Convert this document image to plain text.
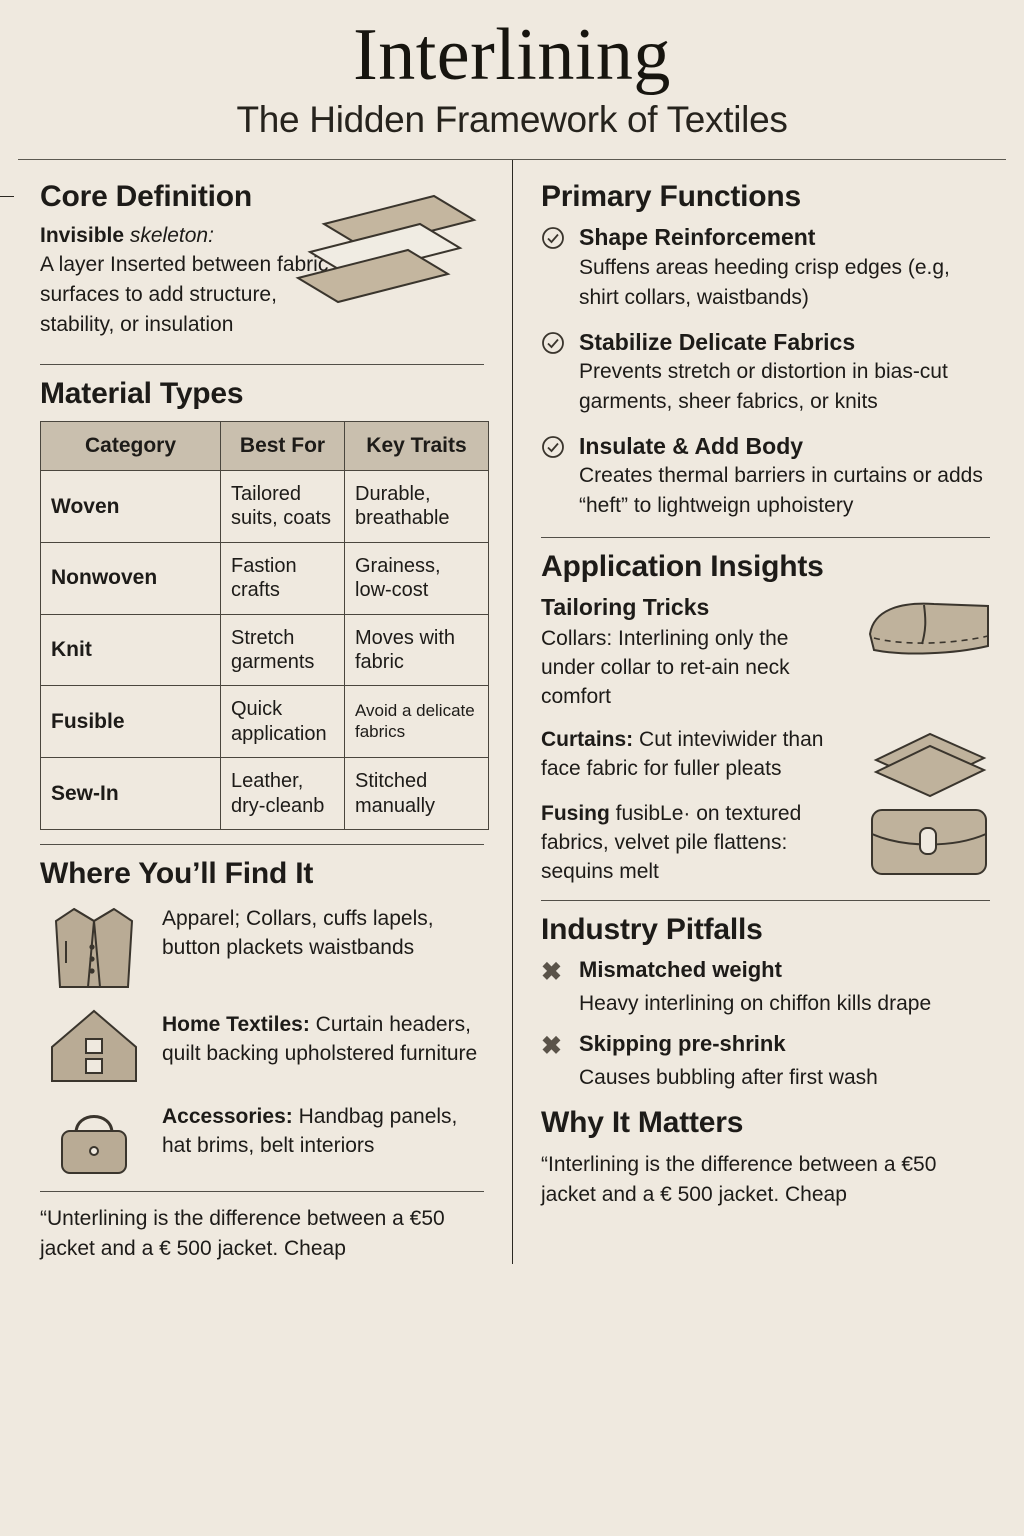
Interlining
The Hidden Framework of Textiles
Core Definition
Invisible skeleton:

A layer Inserted between fabric surfaces to add structure, stability, or insulation

Material Types
Category	Best For	Key Traits
Woven	Tailored suits, coats	Durable, breathable
Nonwoven	Fastion crafts	Grainess, low-cost
Knit	Stretch garments	Moves with fabric
Fusible	Quick application	Avoid a delicate fabrics
Sew-In	Leather, dry-cleanb	Stitched manually
Where You’ll Find It
Apparel; Collars, cuffs lapels, button plackets waistbands
Home Textiles: Curtain headers, quilt backing upholstered furniture
Accessories: Handbag panels, hat brims, belt interiors
“Unterlining is the difference between a €50 jacket and a € 500 jacket. Cheap
Primary Functions
Shape Reinforcement
Suffens areas heeding crisp edges (e.g, shirt collars, waistbands)
Stabilize Delicate Fabrics
Prevents stretch or distortion in bias-cut garments, sheer fabrics, or knits
Insulate & Add Body
Creates thermal barriers in curtains or adds “heft” to lightweign uphoistery
Application Insights
Tailoring Tricks

Collars: Interlining only the under collar to ret-ain neck comfort

Curtains: Cut inteviwider than face fabric for fuller pleats

Fusing fusibLe· on textured fabrics, velvet pile flattens: sequins melt

Industry Pitfalls
✖ Mismatched weight
Heavy interlining on chiffon kills drape
✖ Skipping pre-shrink
Causes bubbling after first wash
Why It Matters
“Interlining is the difference between a €50 jacket and a € 500 jacket. Cheap
